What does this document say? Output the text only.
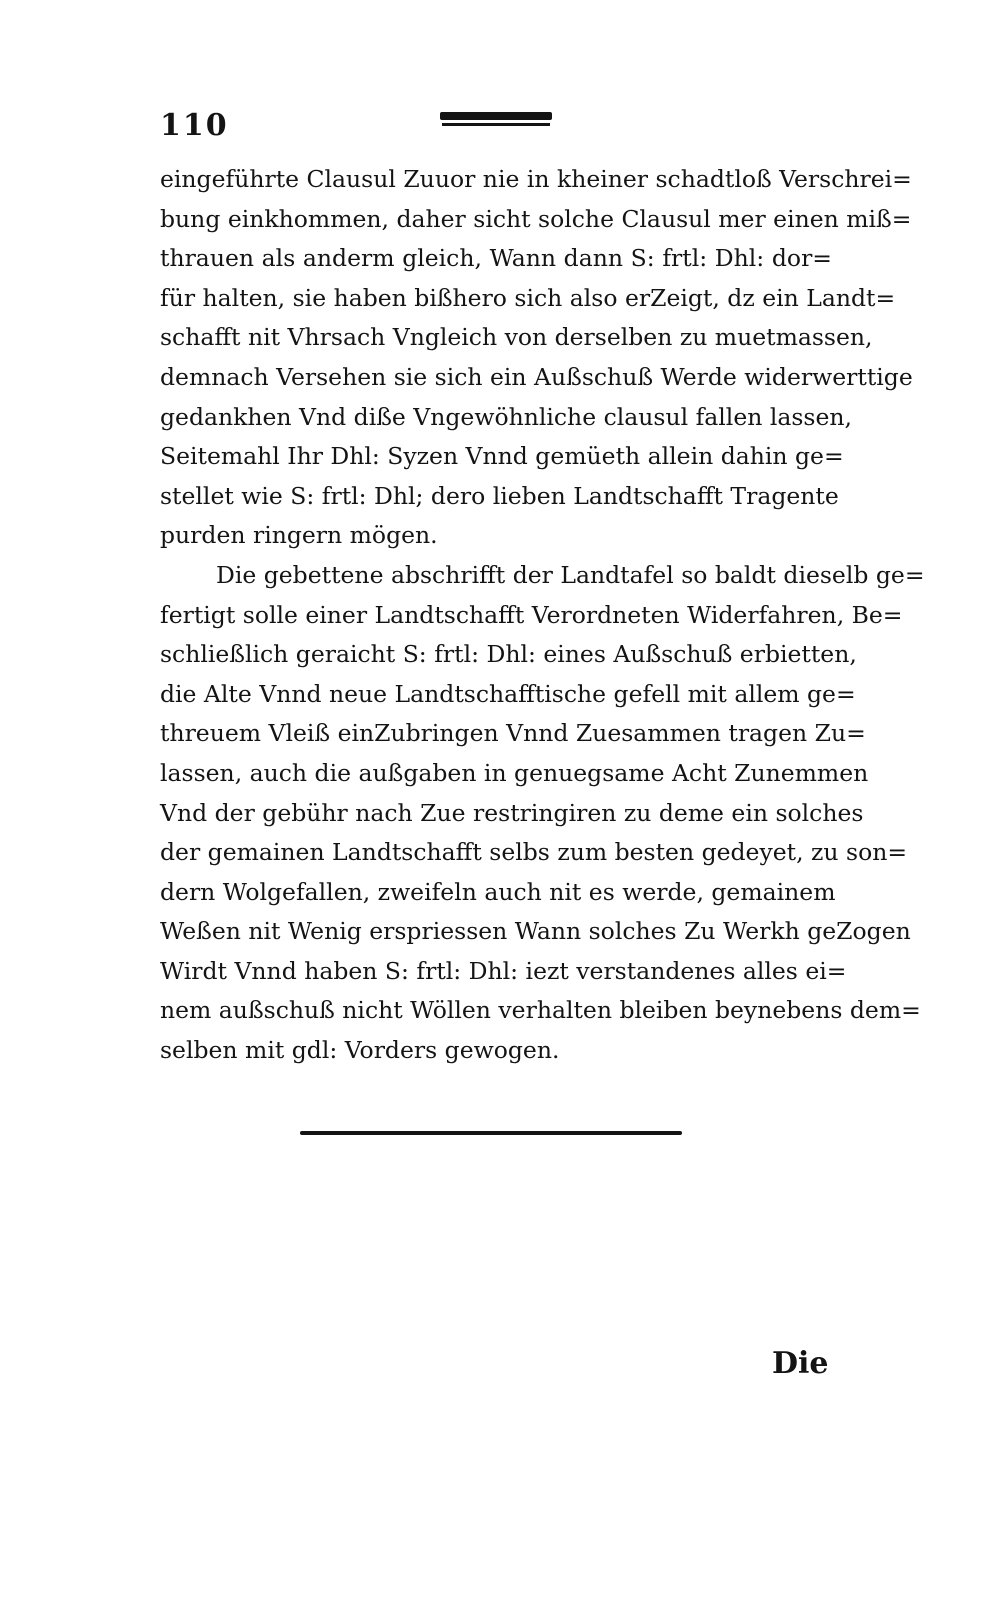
110
eingeführte Clausul Zuuor nie in kheiner schadtloß Verschrei=
bung einkhommen, daher sicht solche Clausul mer einen miß=
thrauen als anderm gleich, Wann dann S: frtl: Dhl: dor=
für halten, sie haben bißhero sich also erZeigt, dz ein Landt=
schafft nit Vhrsach Vngleich von derselben zu muetmassen,
demnach Versehen sie sich ein Außschuß Werde widerwerttige
gedankhen Vnd diße Vngewöhnliche clausul fallen lassen,
Seitemahl Ihr Dhl: Syzen Vnnd gemüeth allein dahin ge=
stellet wie S: frtl: Dhl; dero lieben Landtschafft Tragente
purden ringern mögen.
Die gebettene abschrifft der Landtafel so baldt dieselb ge=
fertigt solle einer Landtschafft Verordneten Widerfahren, Be=
schließlich geraicht S: frtl: Dhl: eines Außschuß erbietten,
die Alte Vnnd neue Landtschafftische gefell mit allem ge=
threuem Vleiß einZubringen Vnnd Zuesammen tragen Zu=
lassen, auch die außgaben in genuegsame Acht Zunemmen
Vnd der gebühr nach Zue restringiren zu deme ein solches
der gemainen Landtschafft selbs zum besten gedeyet, zu son=
dern Wolgefallen, zweifeln auch nit es werde, gemainem
Weßen nit Wenig erspriessen Wann solches Zu Werkh geZogen
Wirdt Vnnd haben S: frtl: Dhl: iezt verstandenes alles ei=
nem außschuß nicht Wöllen verhalten bleiben beynebens dem=
selben mit gdl: Vorders gewogen.
Die
